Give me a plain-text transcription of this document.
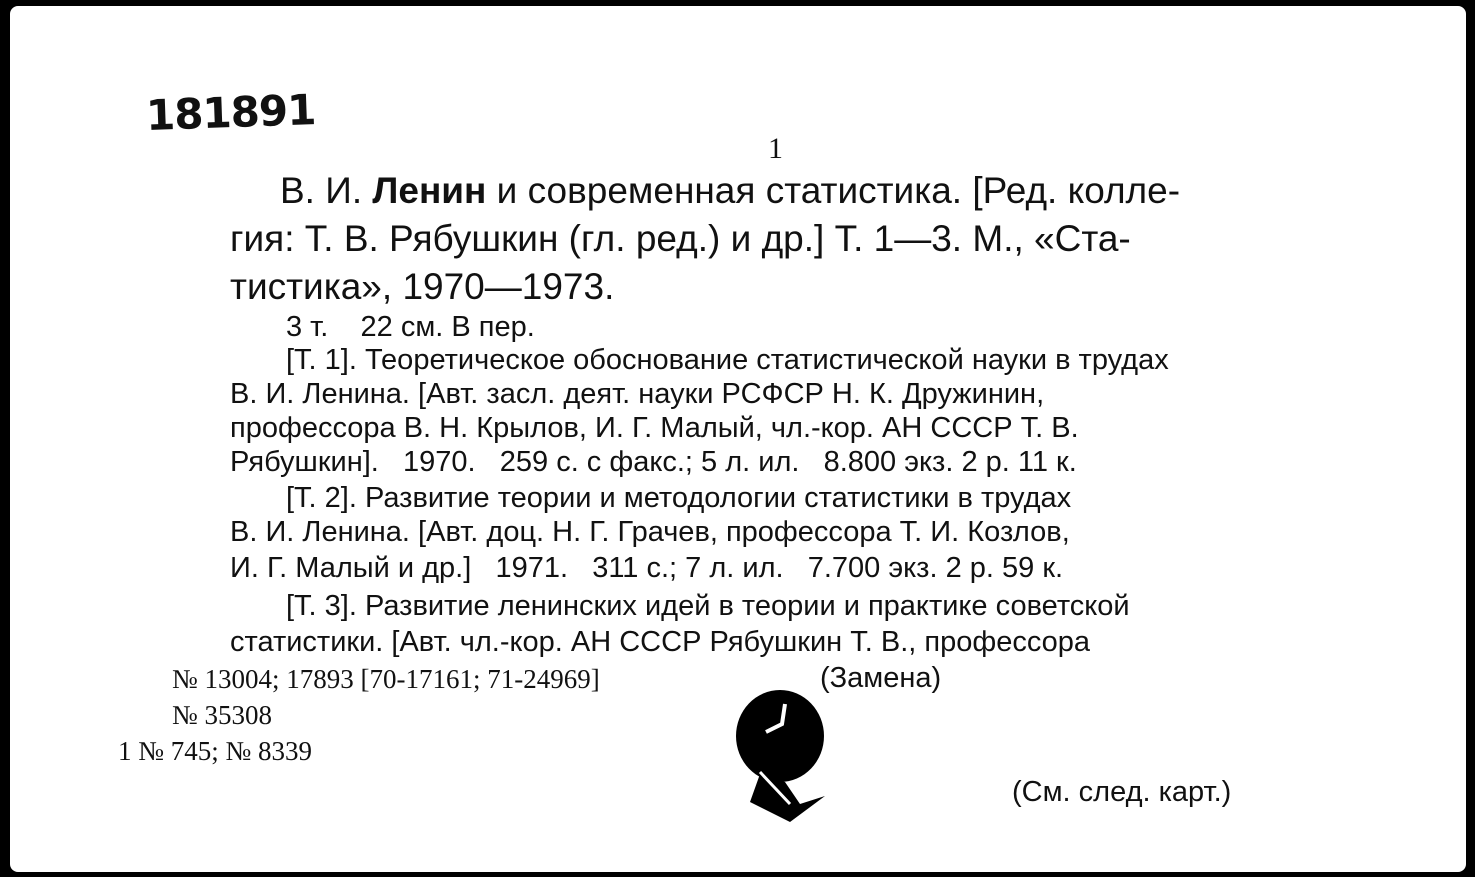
181891
1
В. И. Ленин и современная статистика. [Ред. колле-
гия: Т. В. Рябушкин (гл. ред.) и др.] Т. 1—3. М., «Ста-
тистика», 1970—1973.
3 т.    22 см. В пер.
[Т. 1]. Теоретическое обоснование статистической науки в трудах
В. И. Ленина. [Авт. засл. деят. науки РСФСР Н. К. Дружинин,
профессора В. Н. Крылов, И. Г. Малый, чл.-кор. АН СССР Т. В.
Рябушкин].   1970.   259 с. с факс.; 5 л. ил.   8.800 экз. 2 р. 11 к.
[Т. 2]. Развитие теории и методологии статистики в трудах
В. И. Ленина. [Авт. доц. Н. Г. Грачев, профессора Т. И. Козлов,
И. Г. Малый и др.]   1971.   311 с.; 7 л. ил.   7.700 экз. 2 р. 59 к.
[Т. 3]. Развитие ленинских идей в теории и практике советской
статистики. [Авт. чл.-кор. АН СССР Рябушкин Т. В., профессора
№ 13004; 17893 [70-17161; 71-24969]	(Замена)
№ 35308
1 № 745; № 8339
(См. след. карт.)
